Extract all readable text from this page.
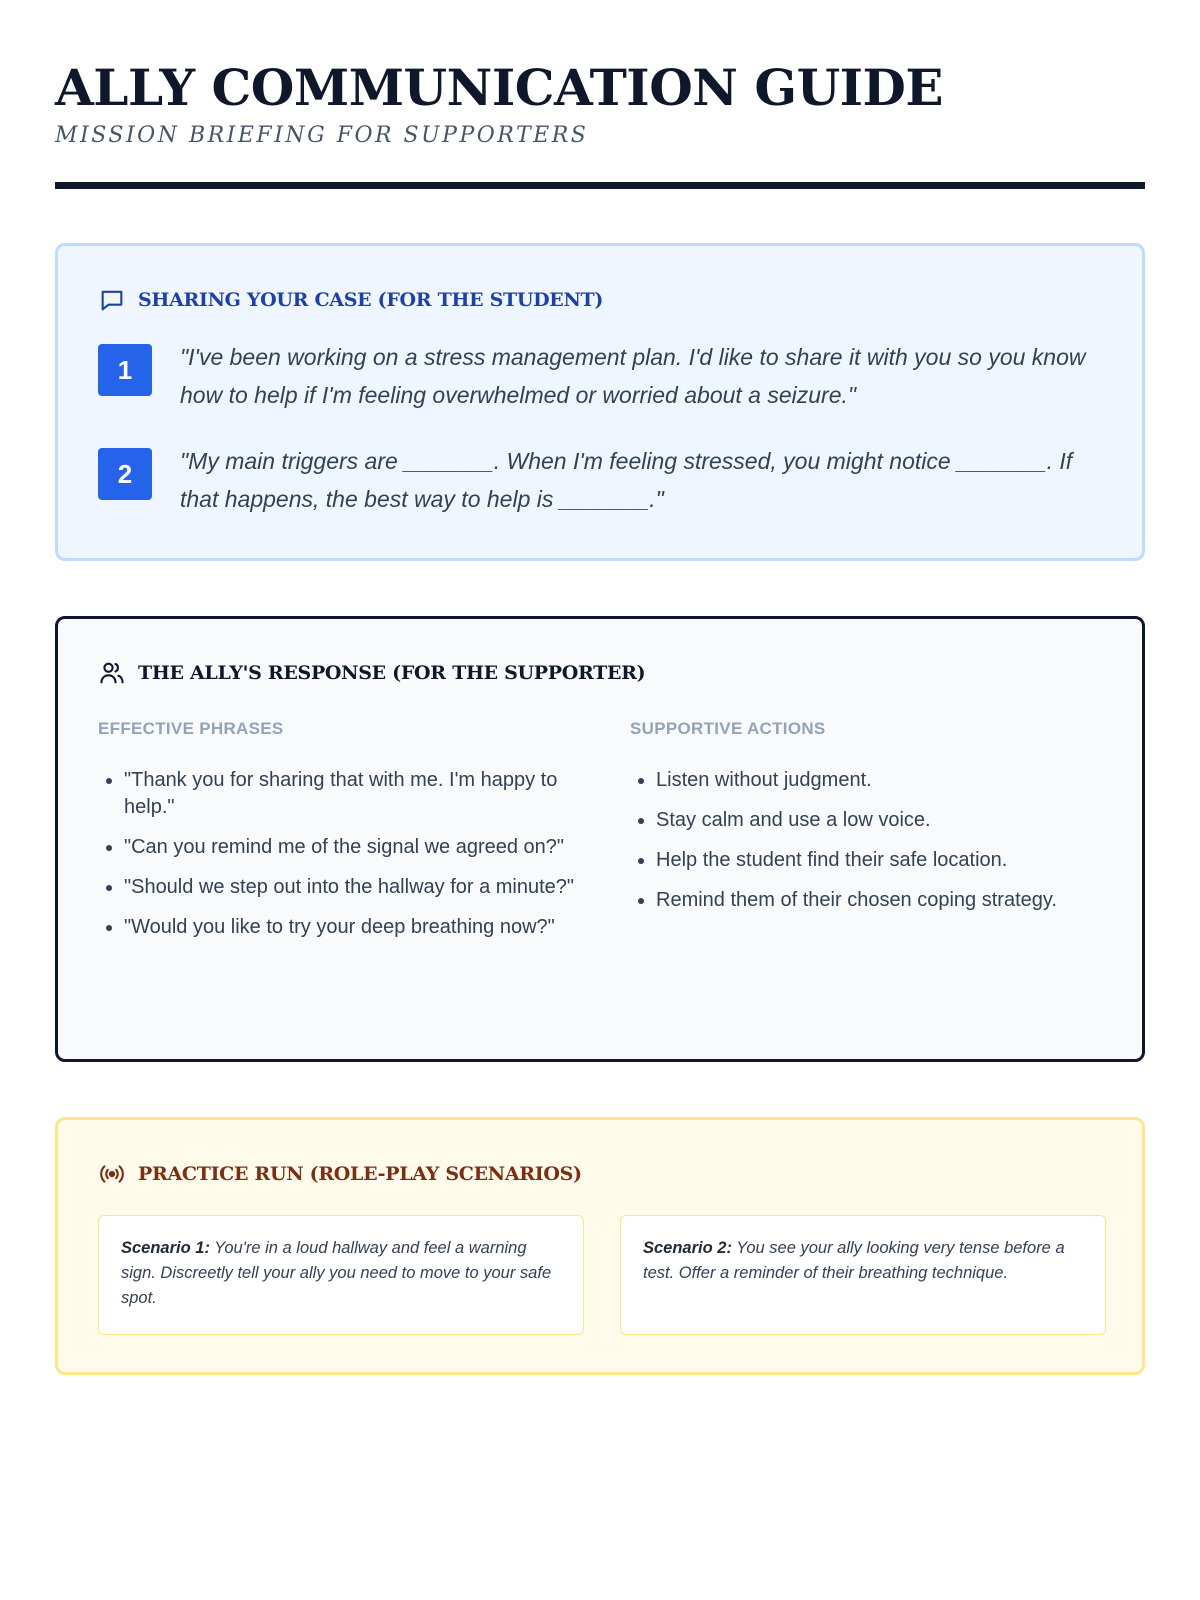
ALLY COMMUNICATION GUIDE
MISSION BRIEFING FOR SUPPORTERS
SHARING YOUR CASE (FOR THE STUDENT)
1	"I've been working on a stress management plan. I'd like to share it with you so you know how to help if I'm feeling overwhelmed or worried about a seizure."
2	"My main triggers are _______. When I'm feeling stressed, you might notice _______. If that happens, the best way to help is _______."
THE ALLY'S RESPONSE (FOR THE SUPPORTER)
EFFECTIVE PHRASES
• "Thank you for sharing that with me. I'm happy to help."
• "Can you remind me of the signal we agreed on?"
• "Should we step out into the hallway for a minute?"
• "Would you like to try your deep breathing now?"
SUPPORTIVE ACTIONS
• Listen without judgment.
• Stay calm and use a low voice.
• Help the student find their safe location.
• Remind them of their chosen coping strategy.
PRACTICE RUN (ROLE-PLAY SCENARIOS)
Scenario 1: You're in a loud hallway and feel a warning sign. Discreetly tell your ally you need to move to your safe spot.
Scenario 2: You see your ally looking very tense before a test. Offer a reminder of their breathing technique.
